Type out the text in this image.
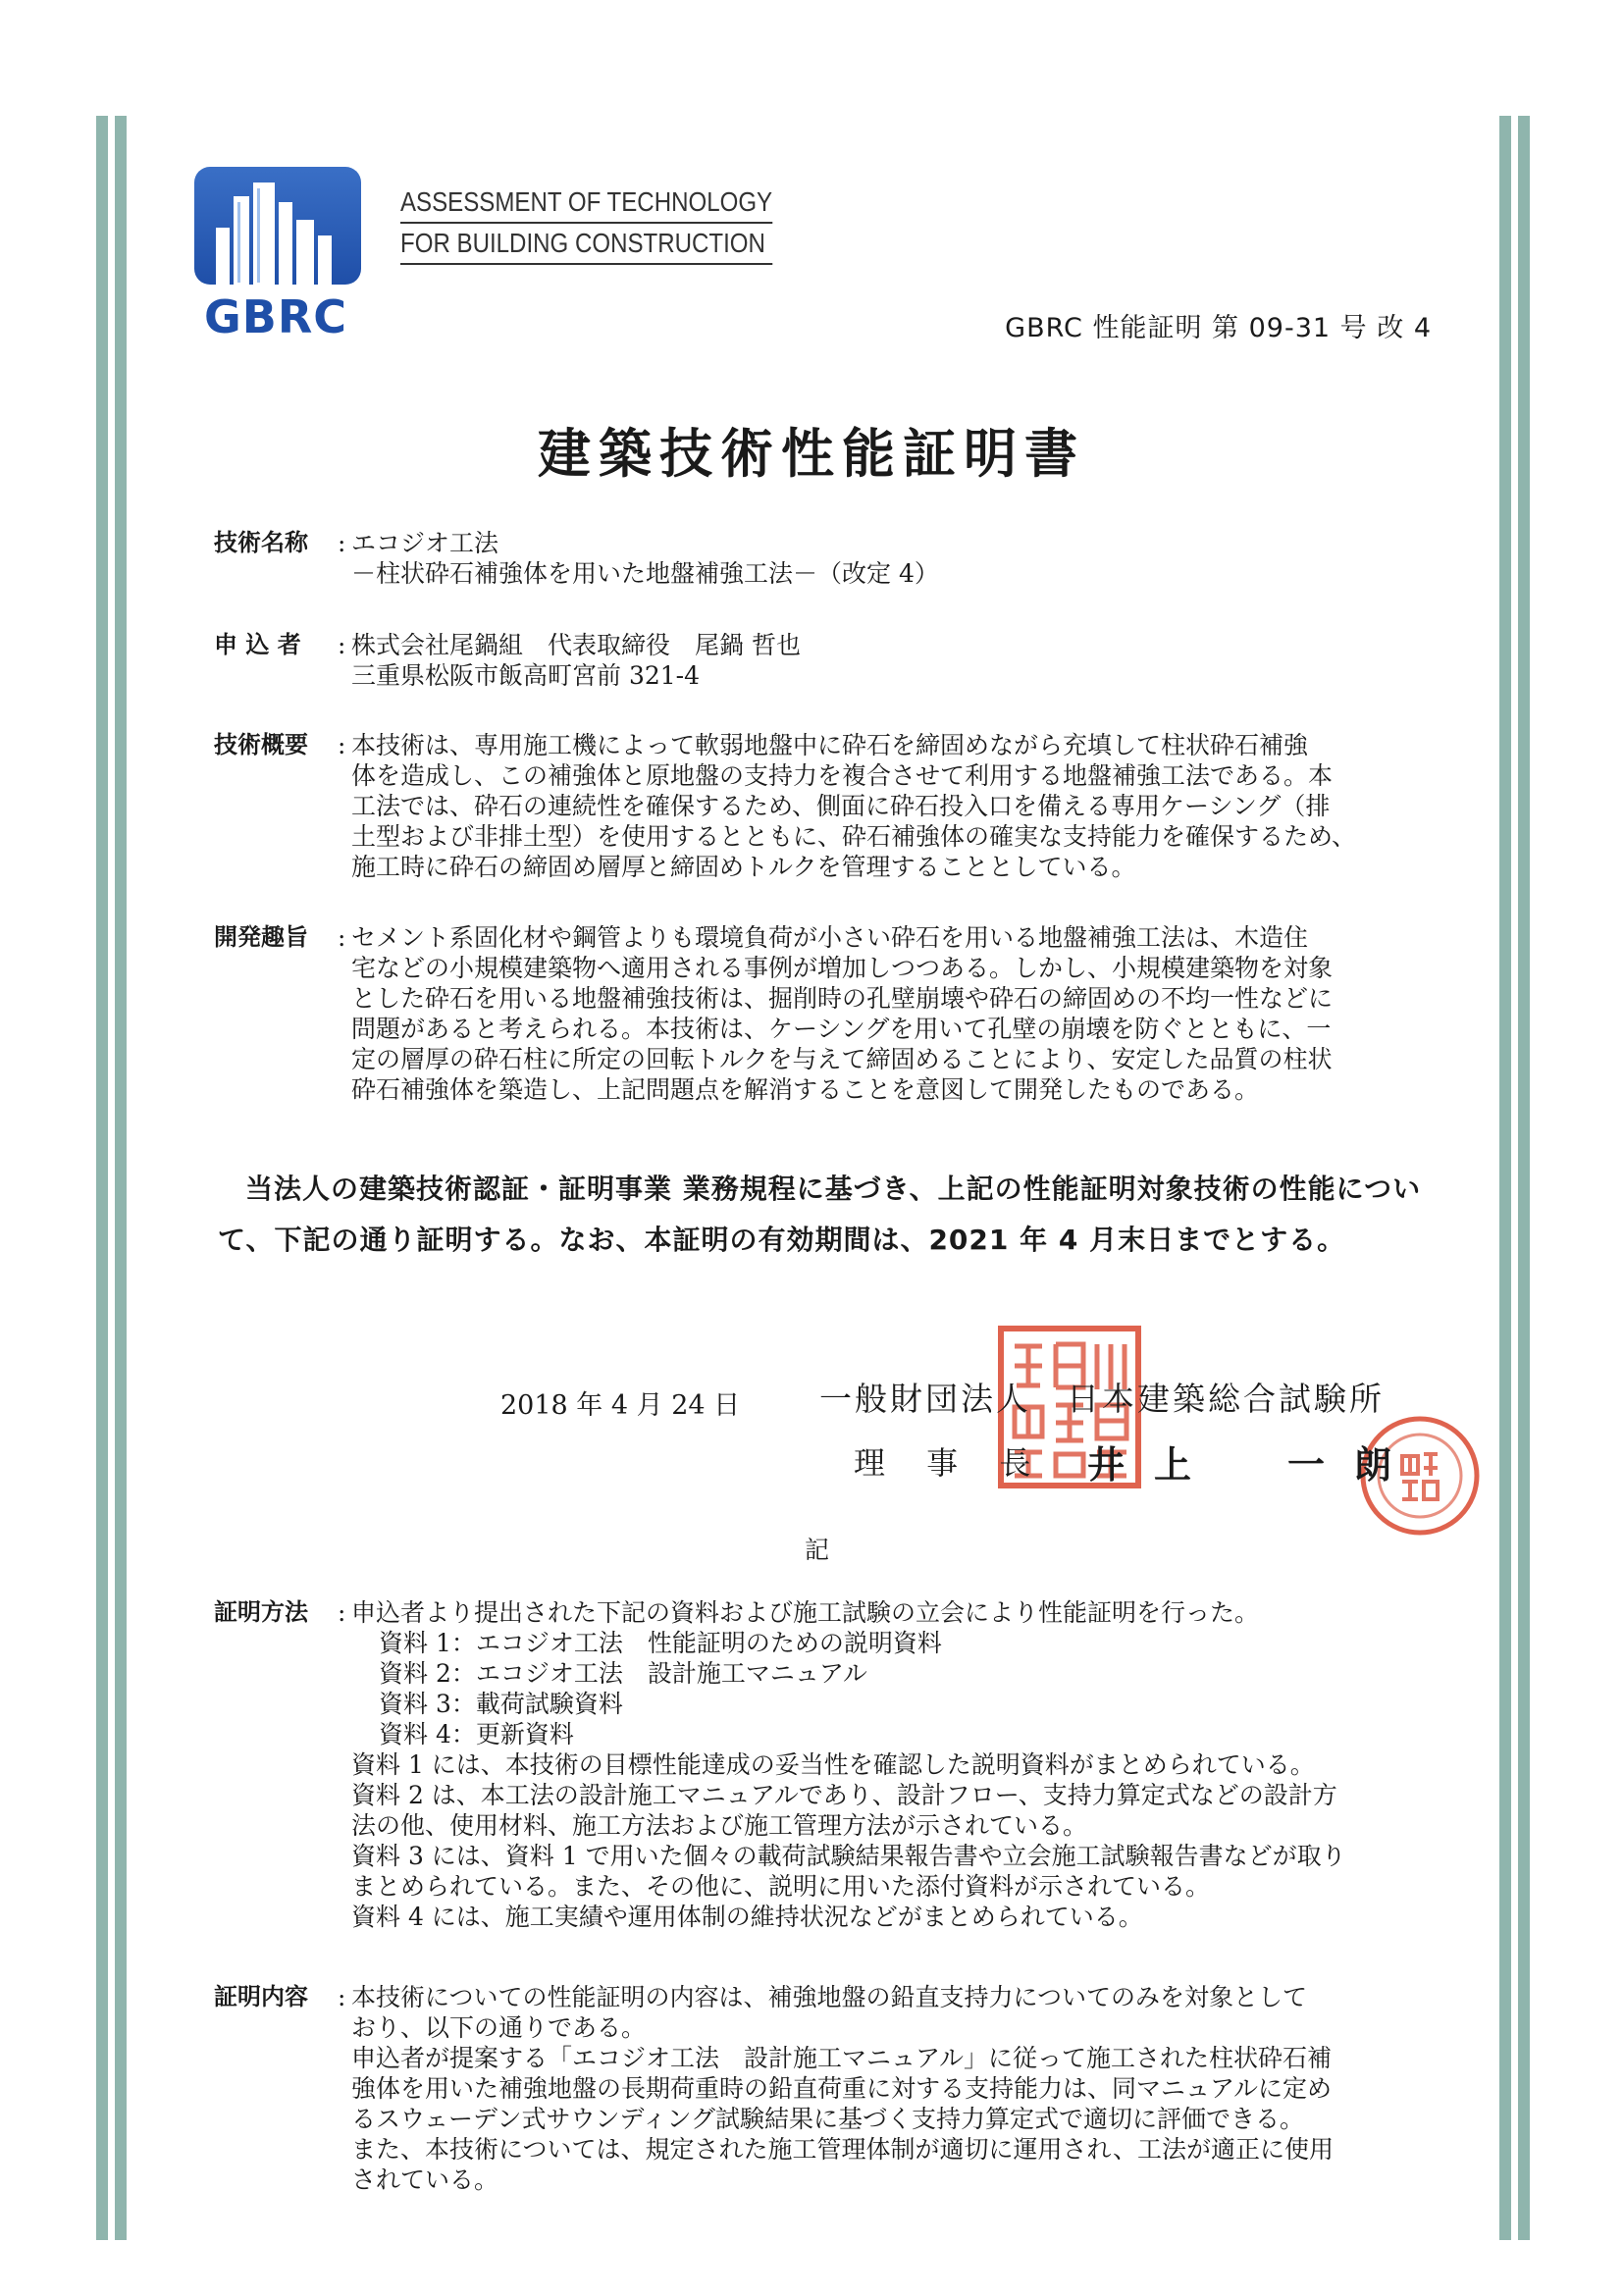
GBRC
ASSESSMENT OF TECHNOLOGY
FOR BUILDING CONSTRUCTION
GBRC 性能証明 第 09-31 号 改 4
建築技術性能証明書
技術名称	: エコジオ工法

－柱状砕石補強体を用いた地盤補強工法－（改定 4）

申 込 者	: 株式会社尾鍋組　代表取締役　尾鍋 哲也

三重県松阪市飯高町宮前 321-4

技術概要	: 本技術は、専用施工機によって軟弱地盤中に砕石を締固めながら充填して柱状砕石補強

体を造成し、この補強体と原地盤の支持力を複合させて利用する地盤補強工法である。本

工法では、砕石の連続性を確保するため、側面に砕石投入口を備える専用ケーシング（排

土型および非排土型）を使用するとともに、砕石補強体の確実な支持能力を確保するため、

施工時に砕石の締固め層厚と締固めトルクを管理することとしている。

開発趣旨	: セメント系固化材や鋼管よりも環境負荷が小さい砕石を用いる地盤補強工法は、木造住

宅などの小規模建築物へ適用される事例が増加しつつある。しかし、小規模建築物を対象

とした砕石を用いる地盤補強技術は、掘削時の孔壁崩壊や砕石の締固めの不均一性などに

問題があると考えられる。本技術は、ケーシングを用いて孔壁の崩壊を防ぐとともに、一

定の層厚の砕石柱に所定の回転トルクを与えて締固めることにより、安定した品質の柱状

砕石補強体を築造し、上記問題点を解消することを意図して開発したものである。

当法人の建築技術認証・証明事業 業務規程に基づき、上記の性能証明対象技術の性能について、下記の通り証明する。なお、本証明の有効期間は、2021 年 4 月末日までとする。
2018 年 4 月 24 日 一般財団法人　日本建築総合試験所
理 事 長 井上　一朗
記
証明方法	: 申込者より提出された下記の資料および施工試験の立会により性能証明を行った。

資料 1：エコジオ工法　性能証明のための説明資料

資料 2：エコジオ工法　設計施工マニュアル

資料 3：載荷試験資料

資料 4：更新資料

資料 1 には、本技術の目標性能達成の妥当性を確認した説明資料がまとめられている。

資料 2 は、本工法の設計施工マニュアルであり、設計フロー、支持力算定式などの設計方

法の他、使用材料、施工方法および施工管理方法が示されている。

資料 3 には、資料 1 で用いた個々の載荷試験結果報告書や立会施工試験報告書などが取り

まとめられている。また、その他に、説明に用いた添付資料が示されている。

資料 4 には、施工実績や運用体制の維持状況などがまとめられている。

証明内容	: 本技術についての性能証明の内容は、補強地盤の鉛直支持力についてのみを対象として

おり、以下の通りである。

申込者が提案する「エコジオ工法　設計施工マニュアル」に従って施工された柱状砕石補

強体を用いた補強地盤の長期荷重時の鉛直荷重に対する支持能力は、同マニュアルに定め

るスウェーデン式サウンディング試験結果に基づく支持力算定式で適切に評価できる。

また、本技術については、規定された施工管理体制が適切に運用され、工法が適正に使用

されている。
